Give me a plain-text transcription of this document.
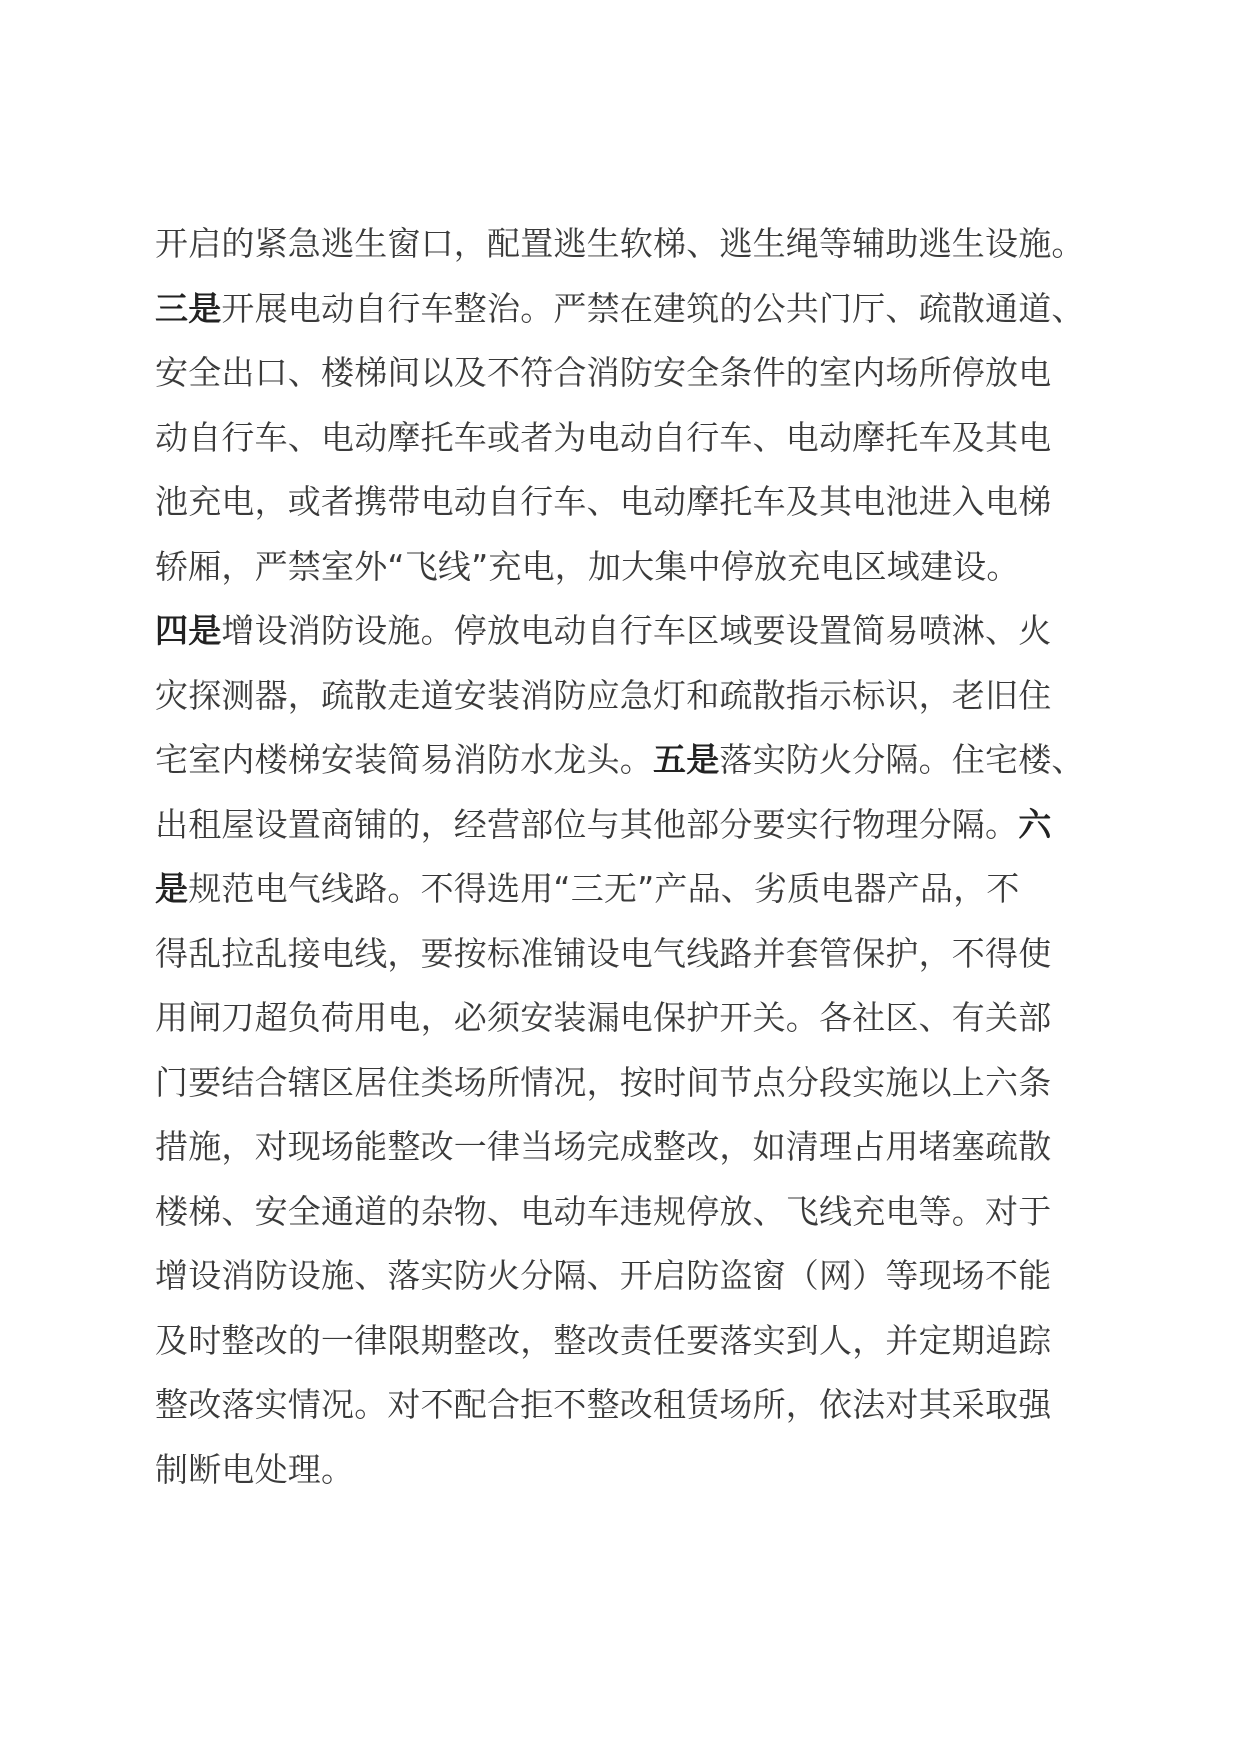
开启的紧急逃生窗口，配置逃生软梯、逃生绳等辅助逃生设施。
三是开展电动自行车整治。严禁在建筑的公共门厅、疏散通道、
安全出口、楼梯间以及不符合消防安全条件的室内场所停放电
动自行车、电动摩托车或者为电动自行车、电动摩托车及其电
池充电，或者携带电动自行车、电动摩托车及其电池进入电梯
轿厢，严禁室外“飞线”充电，加大集中停放充电区域建设。
四是增设消防设施。停放电动自行车区域要设置简易喷淋、火
灾探测器，疏散走道安装消防应急灯和疏散指示标识，老旧住
宅室内楼梯安装简易消防水龙头。五是落实防火分隔。住宅楼、
出租屋设置商铺的，经营部位与其他部分要实行物理分隔。六
是规范电气线路。不得选用“三无”产品、劣质电器产品，不
得乱拉乱接电线，要按标准铺设电气线路并套管保护，不得使
用闸刀超负荷用电，必须安装漏电保护开关。各社区、有关部
门要结合辖区居住类场所情况，按时间节点分段实施以上六条
措施，对现场能整改一律当场完成整改，如清理占用堵塞疏散
楼梯、安全通道的杂物、电动车违规停放、飞线充电等。对于
增设消防设施、落实防火分隔、开启防盗窗（网）等现场不能
及时整改的一律限期整改，整改责任要落实到人，并定期追踪
整改落实情况。对不配合拒不整改租赁场所，依法对其采取强
制断电处理。
